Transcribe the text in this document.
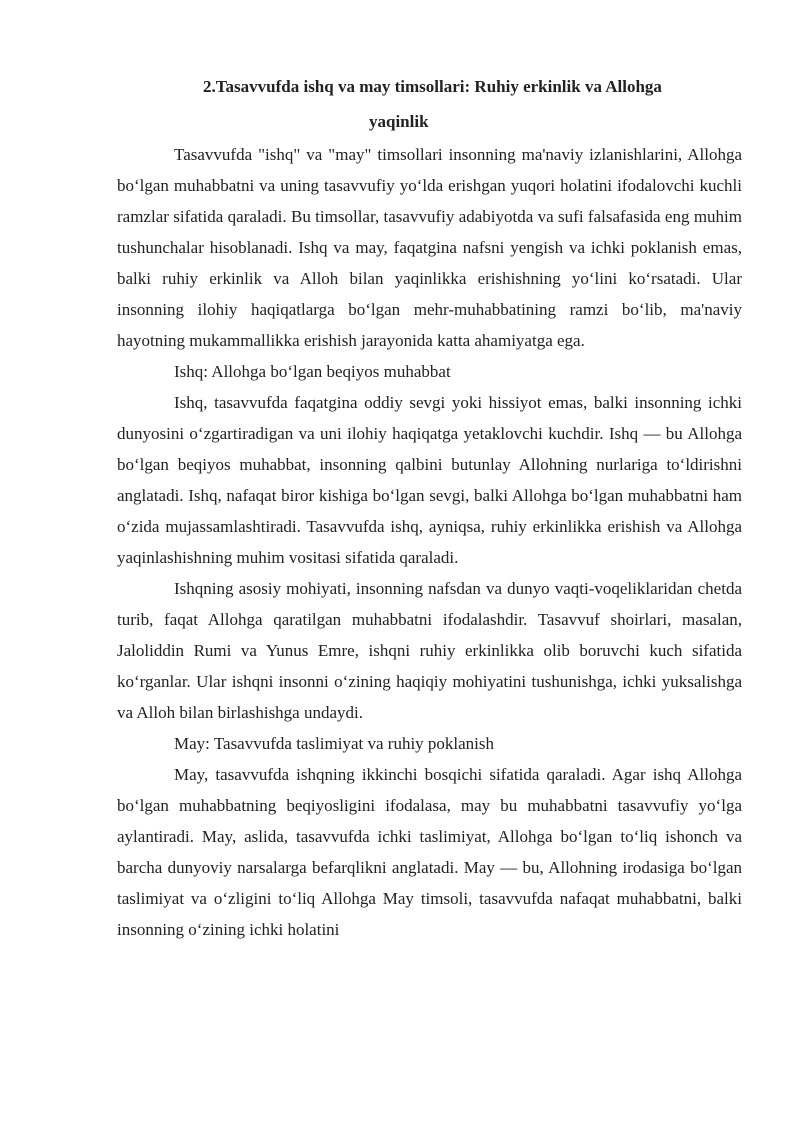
2.Tasavvufda ishq va may timsollari: Ruhiy erkinlik va Allohga
yaqinlik

Tasavvufda "ishq" va "may" timsollari insonning ma'naviy izlanishlarini, Allohga bo‘lgan muhabbatni va uning tasavvufiy yo‘lda erishgan yuqori holatini ifodalovchi kuchli ramzlar sifatida qaraladi. Bu timsollar, tasavvufiy adabiyotda va sufi falsafasida eng muhim tushunchalar hisoblanadi. Ishq va may, faqatgina nafsni yengish va ichki poklanish emas, balki ruhiy erkinlik va Alloh bilan yaqinlikka erishishning yo‘lini ko‘rsatadi. Ular insonning ilohiy haqiqatlarga bo‘lgan mehr-muhabbatining ramzi bo‘lib, ma'naviy hayotning mukammallikka erishish jarayonida katta ahamiyatga ega.

Ishq: Allohga bo‘lgan beqiyos muhabbat

Ishq, tasavvufda faqatgina oddiy sevgi yoki hissiyot emas, balki insonning ichki dunyosini o‘zgartiradigan va uni ilohiy haqiqatga yetaklovchi kuchdir. Ishq — bu Allohga bo‘lgan beqiyos muhabbat, insonning qalbini butunlay Allohning nurlariga to‘ldirishni anglatadi. Ishq, nafaqat biror kishiga bo‘lgan sevgi, balki Allohga bo‘lgan muhabbatni ham o‘zida mujassamlashtiradi. Tasavvufda ishq, ayniqsa, ruhiy erkinlikka erishish va Allohga yaqinlashishning muhim vositasi sifatida qaraladi.

Ishqning asosiy mohiyati, insonning nafsdan va dunyo vaqti-voqeliklaridan chetda turib, faqat Allohga qaratilgan muhabbatni ifodalashdir. Tasavvuf shoirlari, masalan, Jaloliddin Rumi va Yunus Emre, ishqni ruhiy erkinlikka olib boruvchi kuch sifatida ko‘rganlar. Ular ishqni insonni o‘zining haqiqiy mohiyatini tushunishga, ichki yuksalishga va Alloh bilan birlashishga undaydi.

May: Tasavvufda taslimiyat va ruhiy poklanish

May, tasavvufda ishqning ikkinchi bosqichi sifatida qaraladi. Agar ishq Allohga bo‘lgan muhabbatning beqiyosligini ifodalasa, may bu muhabbatni tasavvufiy yo‘lga aylantiradi. May, aslida, tasavvufda ichki taslimiyat, Allohga bo‘lgan to‘liq ishonch va barcha dunyoviy narsalarga befarqlikni anglatadi. May — bu, Allohning irodasiga bo‘lgan taslimiyat va o‘zligini to‘liq Allohga May timsoli, tasavvufda nafaqat muhabbatni, balki insonning o‘zining ichki holatini
